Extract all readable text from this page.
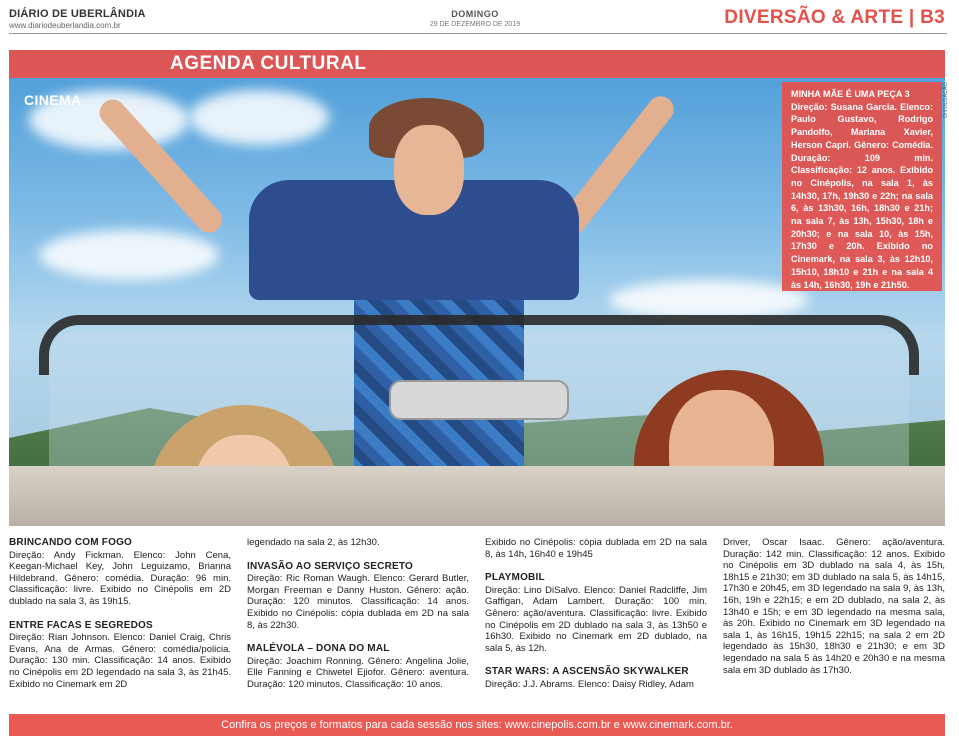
DIÁRIO DE UBERLÂNDIA
www.diariodeuberlandia.com.br
DOMINGO
29 DE DEZEMBRO DE 2019	DIVERSÃO & ARTE | B3
AGENDA CULTURAL
CINEMA	MINHA MÃE É UMA PEÇA 3
Direção: Susana Garcia. Elenco: Paulo Gustavo, Rodrigo Pandolfo, Mariana Xavier, Herson Capri. Gênero: Comédia. Duração: 109 min. Classificação: 12 anos. Exibido no Cinépolis, na sala 1, às 14h30, 17h, 19h30 e 22h; na sala 6, às 13h30, 16h, 18h30 e 21h; na sala 7, às 13h, 15h30, 18h e 20h30; e na sala 10, às 15h, 17h30 e 20h. Exibido no Cinemark, na sala 3, às 12h10, 15h10, 18h10 e 21h e na sala 4 às 14h, 16h30, 19h e 21h50.
DIVULGAÇÃO
BRINCANDO COM FOGO
Direção: Andy Fickman. Elenco: John Cena, Keegan-Michael Key, John Leguizamo, Brianna Hildebrand. Gênero: comédia. Duração: 96 min. Classificação: livre. Exibido no Cinépolis em 2D dublado na sala 3, às 19h15.
ENTRE FACAS E SEGREDOS
Direção: Rian Johnson. Elenco: Daniel Craig, Chris Evans, Ana de Armas. Gênero: comédia/policia. Duração: 130 min. Classificação: 14 anos. Exibido no Cinépolis em 2D legendado na sala 3, às 21h45. Exibido no Cinemark em 2D
legendado na sala 2, às 12h30.
INVASÃO AO SERVIÇO SECRETO
Direção: Ric Roman Waugh. Elenco: Gerard Butler, Morgan Freeman e Danny Huston. Gênero: ação. Duração: 120 minutos. Classificação: 14 anos. Exibido no Cinépolis: cópia dublada em 2D na sala 8, às 22h30.
MALÉVOLA – DONA DO MAL
Direção: Joachim Ronning. Gênero: Angelina Jolie, Elle Fanning e Chiwetel Ejiofor. Gênero: aventura. Duração: 120 minutos. Classificação: 10 anos.
Exibido no Cinépolis: cópia dublada em 2D na sala 8, às 14h, 16h40 e 19h45
PLAYMOBIL
Direção: Lino DiSalvo. Elenco: Daniel Radcliffe, Jim Gaffigan, Adam Lambert. Duração: 100 min. Gênero: ação/aventura. Classificação: livre. Exibido no Cinépolis em 2D dublado na sala 3, às 13h50 e 16h30. Exibido no Cinemark em 2D dublado, na sala 5, às 12h.
STAR WARS: A ASCENSÃO SKYWALKER
Direção: J.J. Abrams. Elenco: Daisy Ridley, Adam
Driver, Oscar Isaac. Gênero: ação/aventura. Duração: 142 min. Classificação: 12 anos. Exibido no Cinépolis em 3D dublado na sala 4, às 15h, 18h15 e 21h30; em 3D dublado na sala 5, às 14h15, 17h30 e 20h45, em 3D legendado na sala 9, às 13h, 16h, 19h e 22h15; e em 2D dublado, na sala 2, às 13h40 e 15h; e em 3D legendado na mesma sala, às 20h. Exibido no Cinemark em 3D legendado na sala 1, às 16h15, 19h15 22h15; na sala 2 em 2D legendado às 15h30, 18h30 e 21h30; e em 3D legendado na sala 5 às 14h20 e 20h30 e na mesma sala em 3D dublado às 17h30.
Confira os preços e formatos para cada sessão nos sites: www.cinepolis.com.br e www.cinemark.com.br.
